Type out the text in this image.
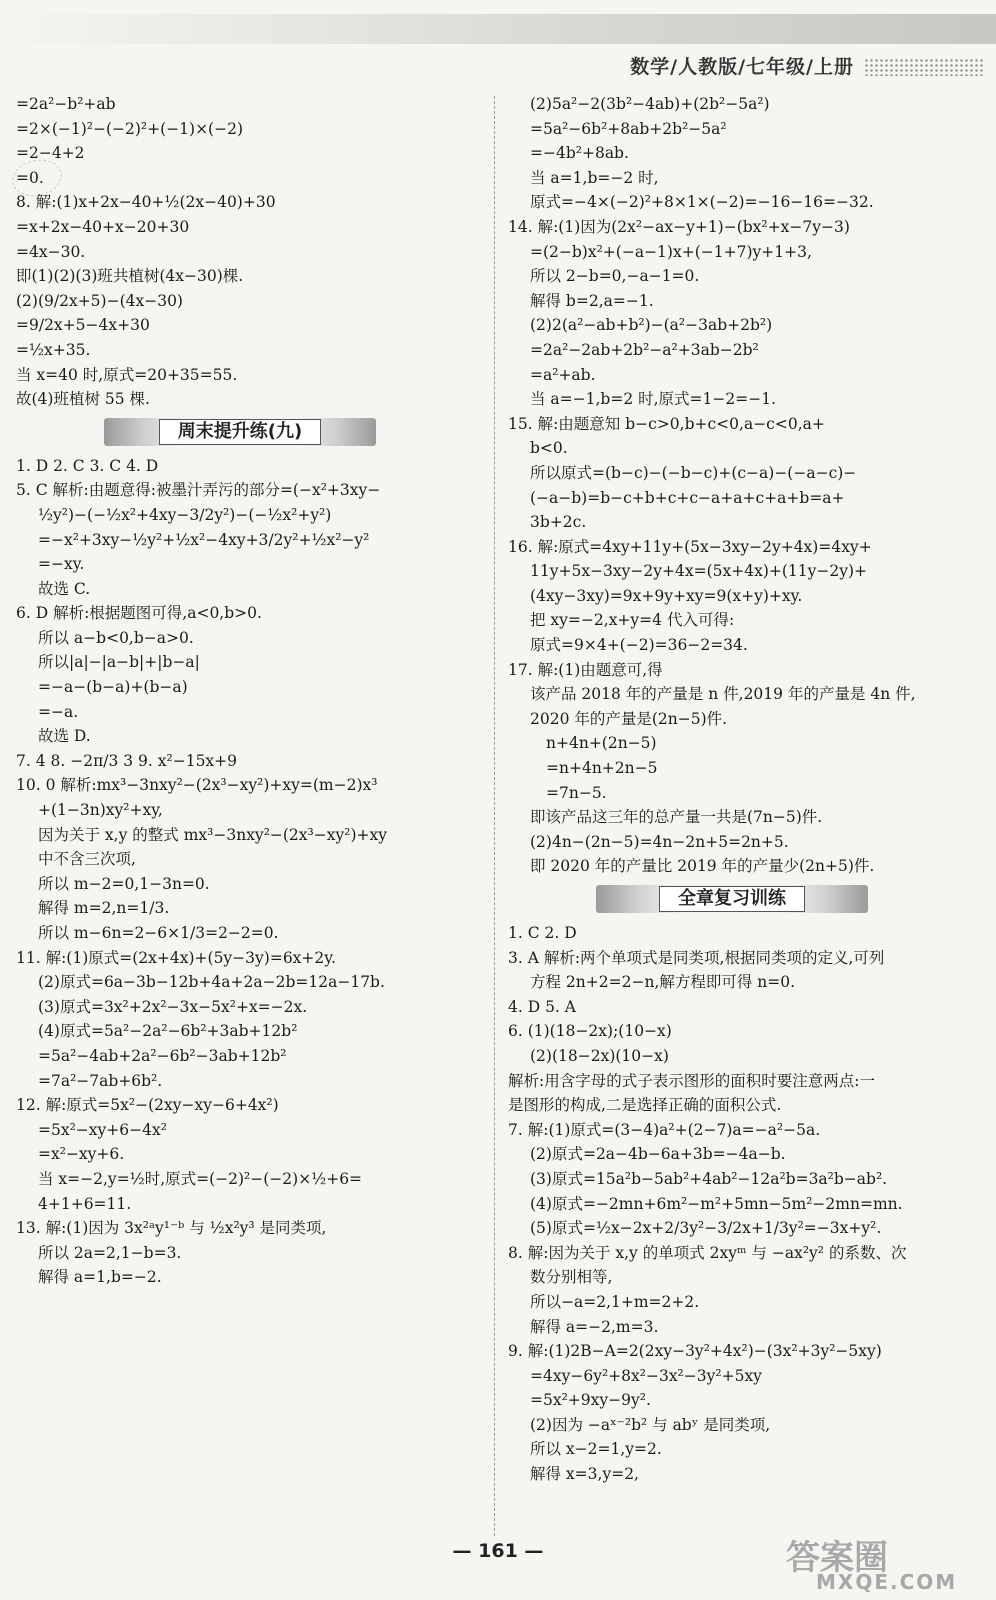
数学/人教版/七年级/上册
=2a²−b²+ab
=2×(−1)²−(−2)²+(−1)×(−2)
=2−4+2
=0.
8. 解:(1)x+2x−40+½(2x−40)+30
=x+2x−40+x−20+30
=4x−30.
即(1)(2)(3)班共植树(4x−30)棵.
(2)(9/2x+5)−(4x−30)
=9/2x+5−4x+30
=½x+35.
当 x=40 时,原式=20+35=55.
故(4)班植树 55 棵.
周末提升练(九)
1. D 2. C 3. C 4. D
5. C 解析:由题意得:被墨汁弄污的部分=(−x²+3xy−
½y²)−(−½x²+4xy−3/2y²)−(−½x²+y²)
=−x²+3xy−½y²+½x²−4xy+3/2y²+½x²−y²
=−xy.
故选 C.
6. D 解析:根据题图可得,a<0,b>0.
所以 a−b<0,b−a>0.
所以|a|−|a−b|+|b−a|
=−a−(b−a)+(b−a)
=−a.
故选 D.
7. 4 8. −2π/3 3 9. x²−15x+9
10. 0 解析:mx³−3nxy²−(2x³−xy²)+xy=(m−2)x³
+(1−3n)xy²+xy,
因为关于 x,y 的整式 mx³−3nxy²−(2x³−xy²)+xy
中不含三次项,
所以 m−2=0,1−3n=0.
解得 m=2,n=1/3.
所以 m−6n=2−6×1/3=2−2=0.
11. 解:(1)原式=(2x+4x)+(5y−3y)=6x+2y.
(2)原式=6a−3b−12b+4a+2a−2b=12a−17b.
(3)原式=3x²+2x²−3x−5x²+x=−2x.
(4)原式=5a²−2a²−6b²+3ab+12b²
=5a²−4ab+2a²−6b²−3ab+12b²
=7a²−7ab+6b².
12. 解:原式=5x²−(2xy−xy−6+4x²)
=5x²−xy+6−4x²
=x²−xy+6.
当 x=−2,y=½时,原式=(−2)²−(−2)×½+6=
4+1+6=11.
13. 解:(1)因为 3x²ᵃy¹⁻ᵇ 与 ½x²y³ 是同类项,
所以 2a=2,1−b=3.
解得 a=1,b=−2.
(2)5a²−2(3b²−4ab)+(2b²−5a²)
=5a²−6b²+8ab+2b²−5a²
=−4b²+8ab.
当 a=1,b=−2 时,
原式=−4×(−2)²+8×1×(−2)=−16−16=−32.
14. 解:(1)因为(2x²−ax−y+1)−(bx²+x−7y−3)
=(2−b)x²+(−a−1)x+(−1+7)y+1+3,
所以 2−b=0,−a−1=0.
解得 b=2,a=−1.
(2)2(a²−ab+b²)−(a²−3ab+2b²)
=2a²−2ab+2b²−a²+3ab−2b²
=a²+ab.
当 a=−1,b=2 时,原式=1−2=−1.
15. 解:由题意知 b−c>0,b+c<0,a−c<0,a+
b<0.
所以原式=(b−c)−(−b−c)+(c−a)−(−a−c)−
(−a−b)=b−c+b+c+c−a+a+c+a+b=a+
3b+2c.
16. 解:原式=4xy+11y+(5x−3xy−2y+4x)=4xy+
11y+5x−3xy−2y+4x=(5x+4x)+(11y−2y)+
(4xy−3xy)=9x+9y+xy=9(x+y)+xy.
把 xy=−2,x+y=4 代入可得:
原式=9×4+(−2)=36−2=34.
17. 解:(1)由题意可,得
该产品 2018 年的产量是 n 件,2019 年的产量是 4n 件,
2020 年的产量是(2n−5)件.
n+4n+(2n−5)
=n+4n+2n−5
=7n−5.
即该产品这三年的总产量一共是(7n−5)件.
(2)4n−(2n−5)=4n−2n+5=2n+5.
即 2020 年的产量比 2019 年的产量少(2n+5)件.
全章复习训练
1. C 2. D
3. A 解析:两个单项式是同类项,根据同类项的定义,可列
方程 2n+2=2−n,解方程即可得 n=0.
4. D 5. A
6. (1)(18−2x);(10−x)
(2)(18−2x)(10−x)
解析:用含字母的式子表示图形的面积时要注意两点:一
是图形的构成,二是选择正确的面积公式.
7. 解:(1)原式=(3−4)a²+(2−7)a=−a²−5a.
(2)原式=2a−4b−6a+3b=−4a−b.
(3)原式=15a²b−5ab²+4ab²−12a²b=3a²b−ab².
(4)原式=−2mn+6m²−m²+5mn−5m²−2mn=mn.
(5)原式=½x−2x+2/3y²−3/2x+1/3y²=−3x+y².
8. 解:因为关于 x,y 的单项式 2xyᵐ 与 −ax²y² 的系数、次
数分别相等,
所以−a=2,1+m=2+2.
解得 a=−2,m=3.
9. 解:(1)2B−A=2(2xy−3y²+4x²)−(3x²+3y²−5xy)
=4xy−6y²+8x²−3x²−3y²+5xy
=5x²+9xy−9y².
(2)因为 −aˣ⁻²b² 与 abʸ 是同类项,
所以 x−2=1,y=2.
解得 x=3,y=2,
— 161 —	答案圈
MXQE.COM
